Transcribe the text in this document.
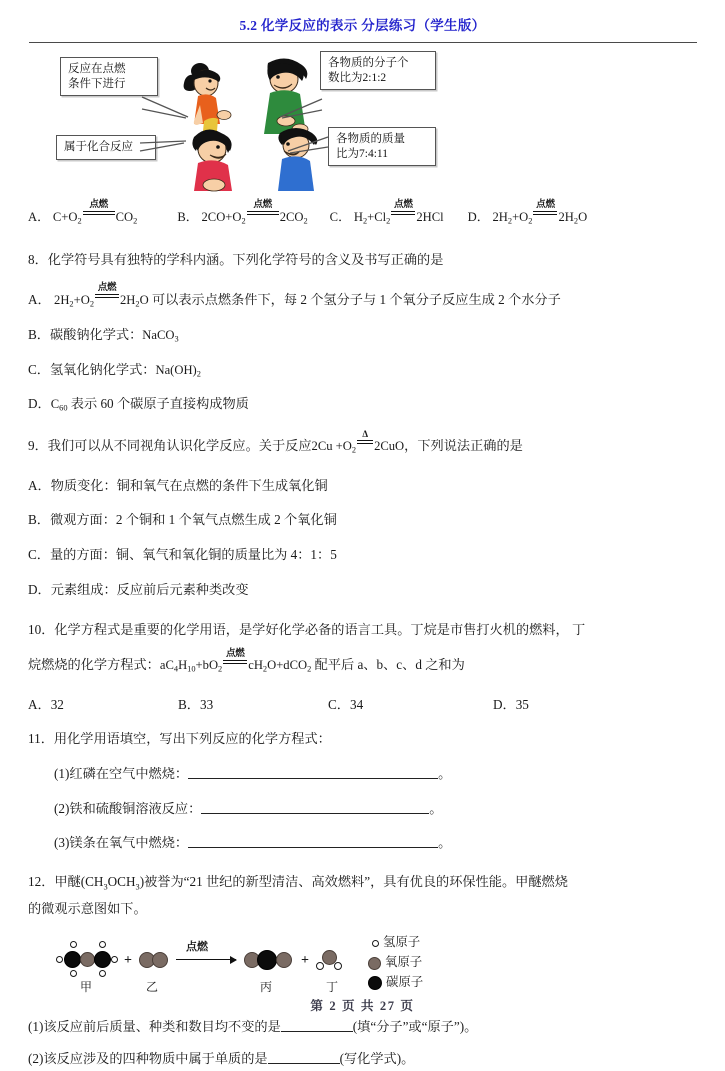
5.2 化学反应的表示 分层练习（学生版）
反应在点燃
条件下进行
各物质的分子个
数比为2:1:2
属于化合反应
各物质的质量
比为7:4:11
A． $C+O_2$
点燃
$CO_2$	B． $2CO+O_2$
点燃
$2CO_2$ C． $H_2+Cl_2$
点燃
2HCl D． $2H_2+O_2$
点燃
$2H_2O$
8．化学符号具有独特的学科内涵。下列化学符号的含义及书写正确的是
A． $2H_2+O_2$
点燃
$2H_2O$ 可以表示点燃条件下，每 2 个氢分子与 1 个氧分子反应生成 2 个水分子
B．碳酸钠化学式：NaCO$_3$
C．氢氧化钠化学式：$Na(OH)_2$
D．$C_{60}$ 表示 60 个碳原子直接构成物质
9．我们可以从不同视角认识化学反应。关于反应$2Cu +O_2$
Δ
2CuO，下列说法正确的是
A．物质变化：铜和氧气在点燃的条件下生成氧化铜
B．微观方面：2 个铜和 1 个氧气点燃生成 2 个氧化铜
C．量的方面：铜、氧气和氧化铜的质量比为 4：1：5
D．元素组成：反应前后元素种类改变
10．化学方程式是重要的化学用语，是学好化学必备的语言工具。丁烷是市售打火机的燃料， 丁
烷燃烧的化学方程式：$aC_4H_{10}+bO_2$
点燃
$cH_2O+dCO_2$ 配平后 a、b、c、d 之和为
A．32	B．33	C．34	D．35
11．用化学用语填空，写出下列反应的化学方程式：
(1)红磷在空气中燃烧：	。
(2)铁和硫酸铜溶液反应：	。
(3)镁条在氧气中燃烧：	。
12．甲醚$(CH_3OCH_3)$被誉为“21 世纪的新型清洁、高效燃料”，具有优良的环保性能。甲醚燃烧
的微观示意图如下。
甲
+
乙
点燃
丙
+
丁
氢原子
氧原子
碳原子
(1)该反应前后质量、种类和数目均不变的是	(填“分子”或“原子”)。
(2)该反应涉及的四种物质中属于单质的是	(写化学式)。
第 2 页 共 27 页
